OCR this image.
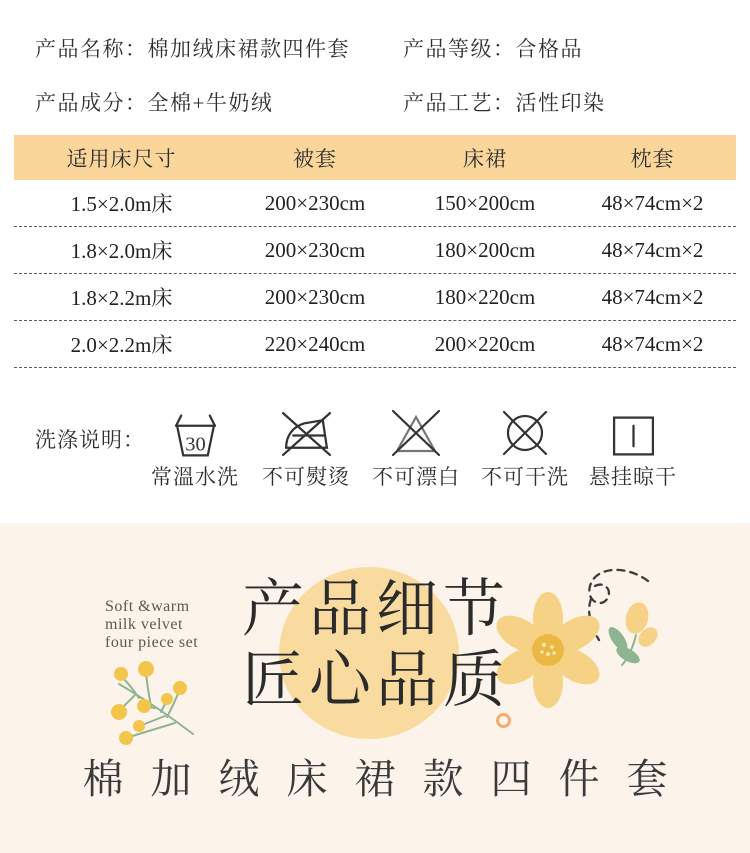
产品名称：棉加绒床裙款四件套	产品等级：合格品
产品成分：全棉+牛奶绒	产品工艺：活性印染
适用床尺寸	被套	床裙	枕套
1.5×2.0m床	200×230cm	150×200cm	48×74cm×2
1.8×2.0m床	200×230cm	180×200cm	48×74cm×2
1.8×2.2m床	200×230cm	180×220cm	48×74cm×2
2.0×2.2m床	220×240cm	200×220cm	48×74cm×2
洗涤说明： 30
常溫水洗	不可熨烫	不可漂白	不可干洗 悬挂晾干
Soft &warm
milk velvet
four piece set 产品细节
匠心品质
棉加绒床裙款四件套
